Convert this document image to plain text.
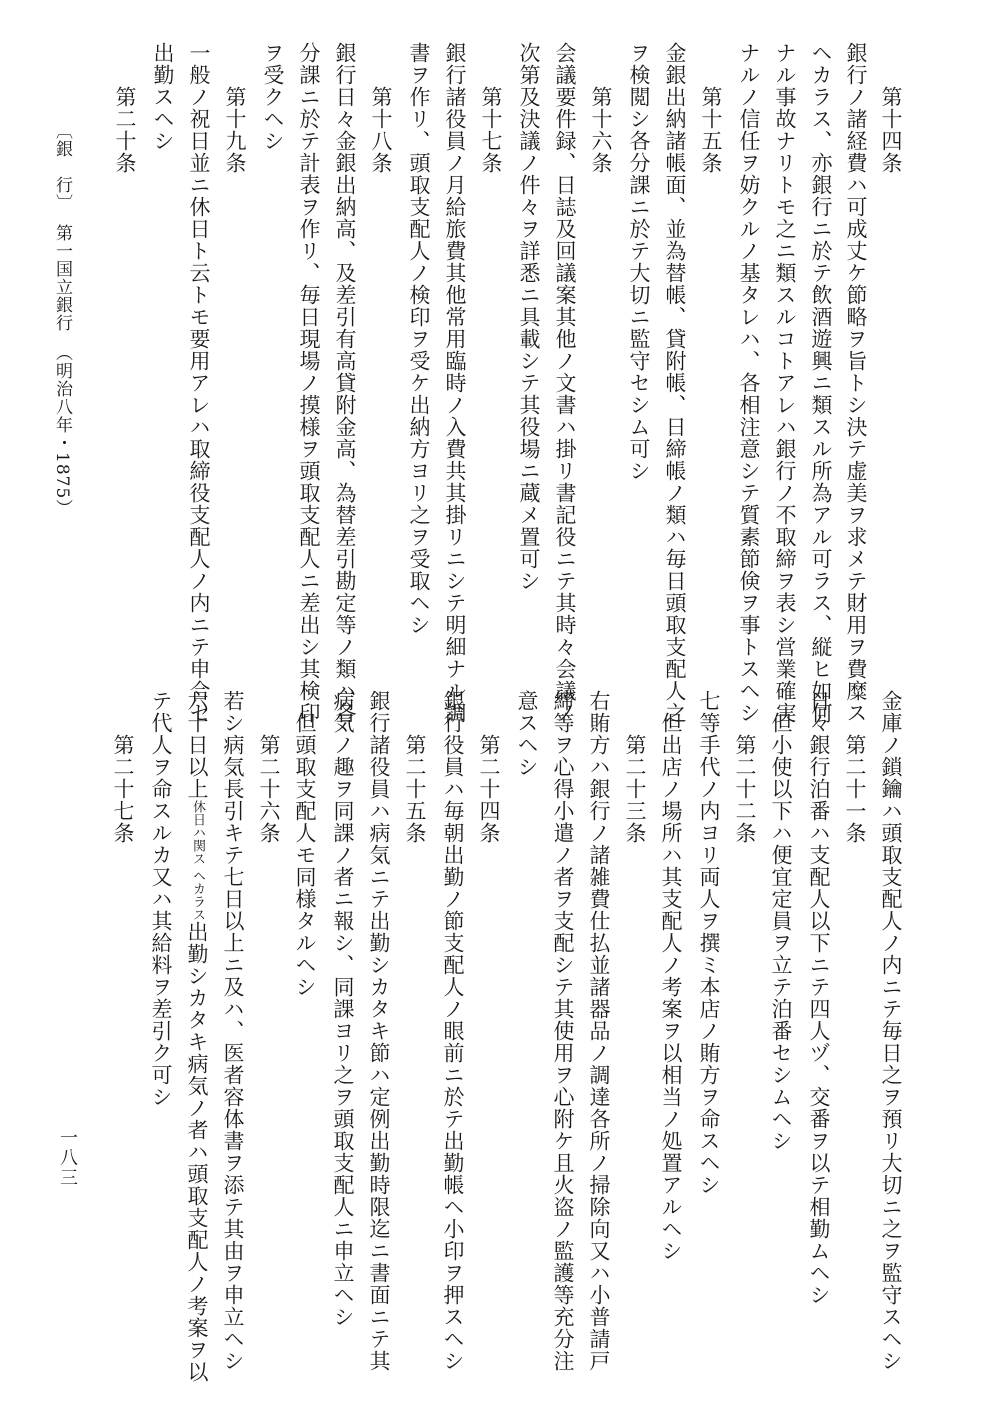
第十四条
銀行ノ諸経費ハ可成丈ケ節略ヲ旨トシ決テ虚美ヲ求メテ財用ヲ費糜ス
ヘカラス、亦銀行ニ於テ飲酒遊興ニ類スル所為アル可ラス、縦ヒ如何
ナル事故ナリトモ之ニ類スルコトアレハ銀行ノ不取締ヲ表シ営業確実
ナルノ信任ヲ妨クルノ基タレハ、各相注意シテ質素節倹ヲ事トスヘシ
第十五条
金銀出納諸帳面、並為替帳、貸附帳、日締帳ノ類ハ毎日頭取支配人之
ヲ検閲シ各分課ニ於テ大切ニ監守セシム可シ
第十六条
会議要件録、日誌及回議案其他ノ文書ハ掛リ書記役ニテ其時々会議ノ
次第及決議ノ件々ヲ詳悉ニ具載シテ其役場ニ蔵メ置可シ
第十七条
銀行諸役員ノ月給旅費其他常用臨時ノ入費共其掛リニシテ明細ナル調
書ヲ作リ、頭取支配人ノ検印ヲ受ケ出納方ヨリ之ヲ受取ヘシ
第十八条
銀行日々金銀出納高、及差引有高貸附金高、為替差引勘定等ノ類ハ各
分課ニ於テ計表ヲ作リ、毎日現場ノ摸様ヲ頭取支配人ニ差出シ其検印
ヲ受クヘシ
第十九条
一般ノ祝日並ニ休日ト云トモ要用アレハ取締役支配人ノ内ニテ申合セ
出勤スヘシ
第二十条
〔銀　行〕
第一国立銀行
（明治八年・1875）
金庫ノ鎖鑰ハ頭取支配人ノ内ニテ毎日之ヲ預リ大切ニ之ヲ監守スヘシ
第二十一条
日々銀行泊番ハ支配人以下ニテ四人ヅ、交番ヲ以テ相勤ムヘシ
但小使以下ハ便宜定員ヲ立テ泊番セシムヘシ
第二十二条
七等手代ノ内ヨリ両人ヲ撰ミ本店ノ賄方ヲ命スヘシ
但出店ノ場所ハ其支配人ノ考案ヲ以相当ノ処置アルヘシ
第二十三条
右賄方ハ銀行ノ諸雑費仕払並諸器品ノ調達各所ノ掃除向又ハ小普請戸
締等ヲ心得小遣ノ者ヲ支配シテ其使用ヲ心附ケ且火盗ノ監護等充分注
意スヘシ
第二十四条
銀行役員ハ毎朝出勤ノ節支配人ノ眼前ニ於テ出勤帳ヘ小印ヲ押スヘシ
第二十五条
銀行諸役員ハ病気ニテ出勤シカタキ節ハ定例出勤時限迄ニ書面ニテ其
病気ノ趣ヲ同課ノ者ニ報シ、同課ヨリ之ヲ頭取支配人ニ申立ヘシ
但頭取支配人モ同様タルヘシ
第二十六条
若シ病気長引キテ七日以上ニ及ハ、医者容体書ヲ添テ其由ヲ申立ヘシ
六十日以上休日ハ関ス ヘカラス出勤シカタキ病気ノ者ハ頭取支配人ノ考案ヲ以
テ代人ヲ命スルカ又ハ其給料ヲ差引ク可シ
第二十七条
一八三
